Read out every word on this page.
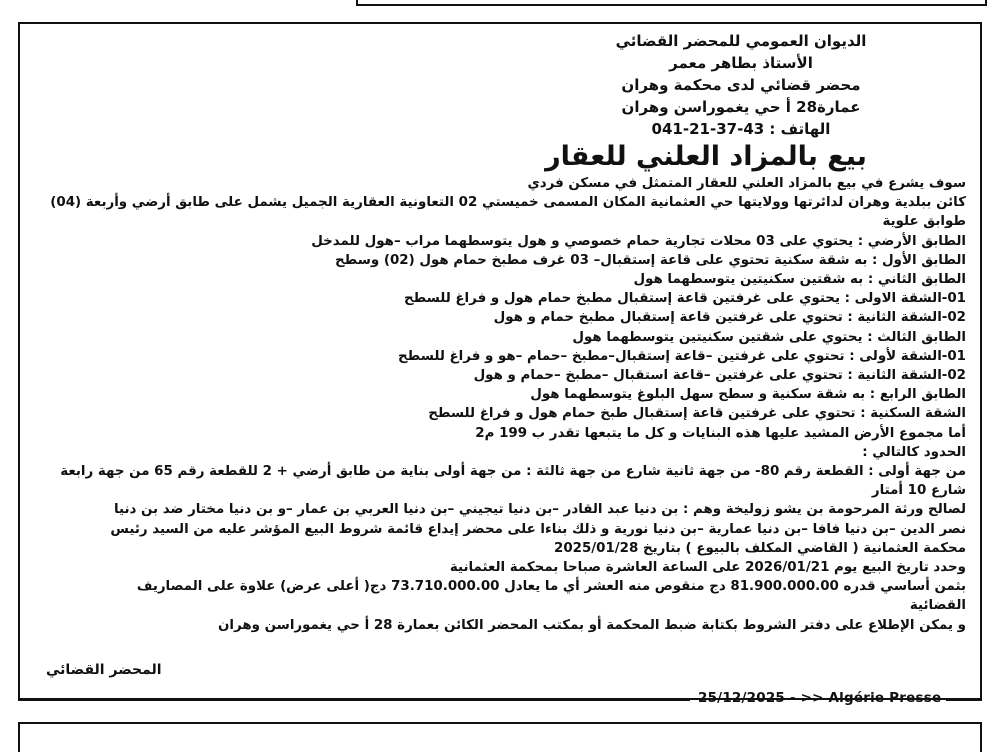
الديوان العمومي للمحضر القضائي
الأستاذ بطاهر معمر
محضر قضائي لدى محكمة وهران
عمارة28 أ حي يغموراسن وهران
الهاتف : 43-37-21-041
بيع بالمزاد العلني للعقار
سوف يشرع في بيع بالمزاد العلني للعقار المتمثل في مسكن فردي
كائن ببلدية وهران لدائرتها وولايتها حي العثمانية المكان المسمى خميستي 02 التعاونية العقارية الجميل يشمل على طابق أرضي وأربعة (04)
طوابق علوية
الطابق الأرضي : يحتوي على 03 محلات تجارية حمام خصوصي و هول يتوسطهما مراب –هول للمدخل
الطابق الأول : به شقة سكنية تحتوي على قاعة إستقبال– 03 غرف مطبخ حمام هول (02) وسطح
الطابق الثاني : به شقتين سكنيتين يتوسطهما هول
01-الشقة الاولى : يحتوي على غرفتين قاعة إستقبال مطبخ حمام هول و فراغ للسطح
02-الشقة الثانية : تحتوي على غرفتين قاعة إستقبال مطبخ حمام و هول
الطابق الثالث : يحتوي على شقتين سكنيتين يتوسطهما هول
01-الشقة لأولى : تحتوي على غرفتين –قاعة إستقبال–مطبخ –حمام –هو و فراغ للسطح
02-الشقة الثانية : تحتوي على غرفتين –قاعة استقبال –مطبخ –حمام و هول
الطابق الرابع : به شقة سكنية و سطح سهل البلوغ يتوسطهما هول
الشقة السكنية : تحتوي على غرفتين قاعة إستقبال طبخ حمام هول و فراغ للسطح
أما مجموع الأرض المشيد عليها هذه البنايات و كل ما يتبعها تقدر ب 199 م2
الحدود كالتالي :
من جهة أولى : القطعة رقم 80- من جهة ثانية شارع من جهة ثالثة : من جهة أولى بناية من طابق أرضي + 2 للقطعة رقم 65 من جهة رابعة
شارع 10 أمتار
لصالح ورثة المرحومة بن يشو زوليخة وهم : بن دنيا عبد القادر –بن دنيا تيجيني –بن دنيا العربي بن عمار –و بن دنيا مختار ضد بن دنيا
نصر الدين –بن دنيا فافا –بن دنيا عمارية –بن دنيا نورية و ذلك بناءا على محضر إيداع قائمة شروط البيع المؤشر عليه من السيد رئيس
محكمة العثمانية ( القاضي المكلف بالبيوع ) بتاريخ 2025/01/28
وحدد تاريخ البيع يوم 2026/01/21 على الساعة العاشرة صباحا بمحكمة العثمانية
بثمن أساسي قدره 81.900.000.00 دج منقوص منه العشر أي ما يعادل 73.710.000.00 دج( أعلى عرض) علاوة على المصاريف
القضائية
و يمكن الإطلاع على دفتر الشروط بكتابة ضبط المحكمة أو بمكتب المحضر الكائن بعمارة 28 أ حي يغموراسن وهران
المحضر القضائي
25/12/2025 - >> Algérie Presse
